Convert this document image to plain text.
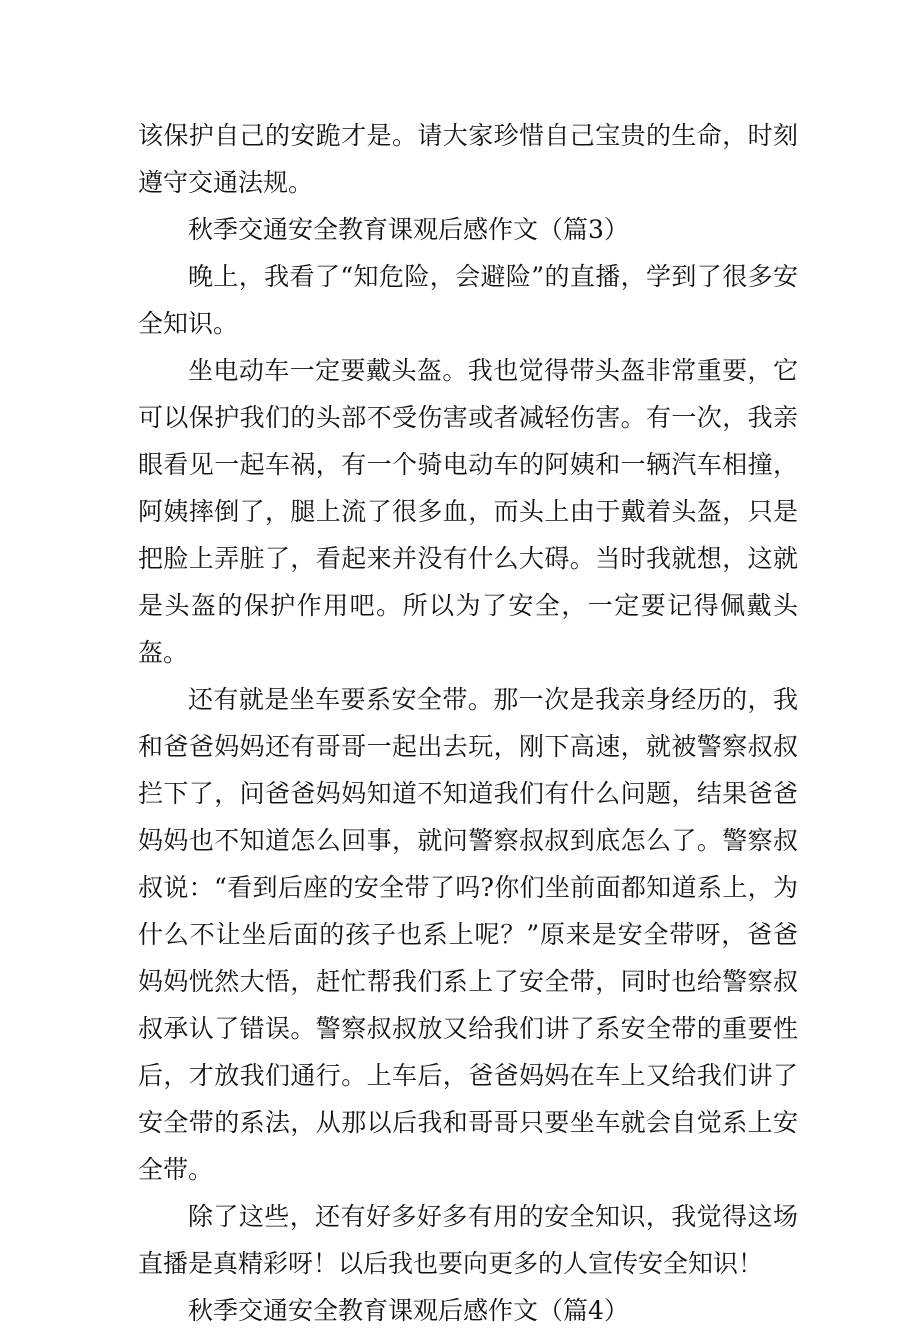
该保护自己的安跪才是。请大家珍惜自己宝贵的生命，时刻遵守交通法规。

秋季交通安全教育课观后感作文（篇3）

晚上，我看了“知危险，会避险”的直播，学到了很多安全知识。

坐电动车一定要戴头盔。我也觉得带头盔非常重要，它可以保护我们的头部不受伤害或者减轻伤害。有一次，我亲眼看见一起车祸，有一个骑电动车的阿姨和一辆汽车相撞，阿姨摔倒了，腿上流了很多血，而头上由于戴着头盔，只是把脸上弄脏了，看起来并没有什么大碍。当时我就想，这就是头盔的保护作用吧。所以为了安全，一定要记得佩戴头盔。

还有就是坐车要系安全带。那一次是我亲身经历的，我和爸爸妈妈还有哥哥一起出去玩，刚下高速，就被警察叔叔拦下了，问爸爸妈妈知道不知道我们有什么问题，结果爸爸妈妈也不知道怎么回事，就问警察叔叔到底怎么了。警察叔叔说：“看到后座的安全带了吗?你们坐前面都知道系上，为什么不让坐后面的孩子也系上呢？”原来是安全带呀，爸爸妈妈恍然大悟，赶忙帮我们系上了安全带，同时也给警察叔叔承认了错误。警察叔叔放又给我们讲了系安全带的重要性后，才放我们通行。上车后，爸爸妈妈在车上又给我们讲了安全带的系法，从那以后我和哥哥只要坐车就会自觉系上安全带。

除了这些，还有好多好多有用的安全知识，我觉得这场直播是真精彩呀！以后我也要向更多的人宣传安全知识！

秋季交通安全教育课观后感作文（篇4）
